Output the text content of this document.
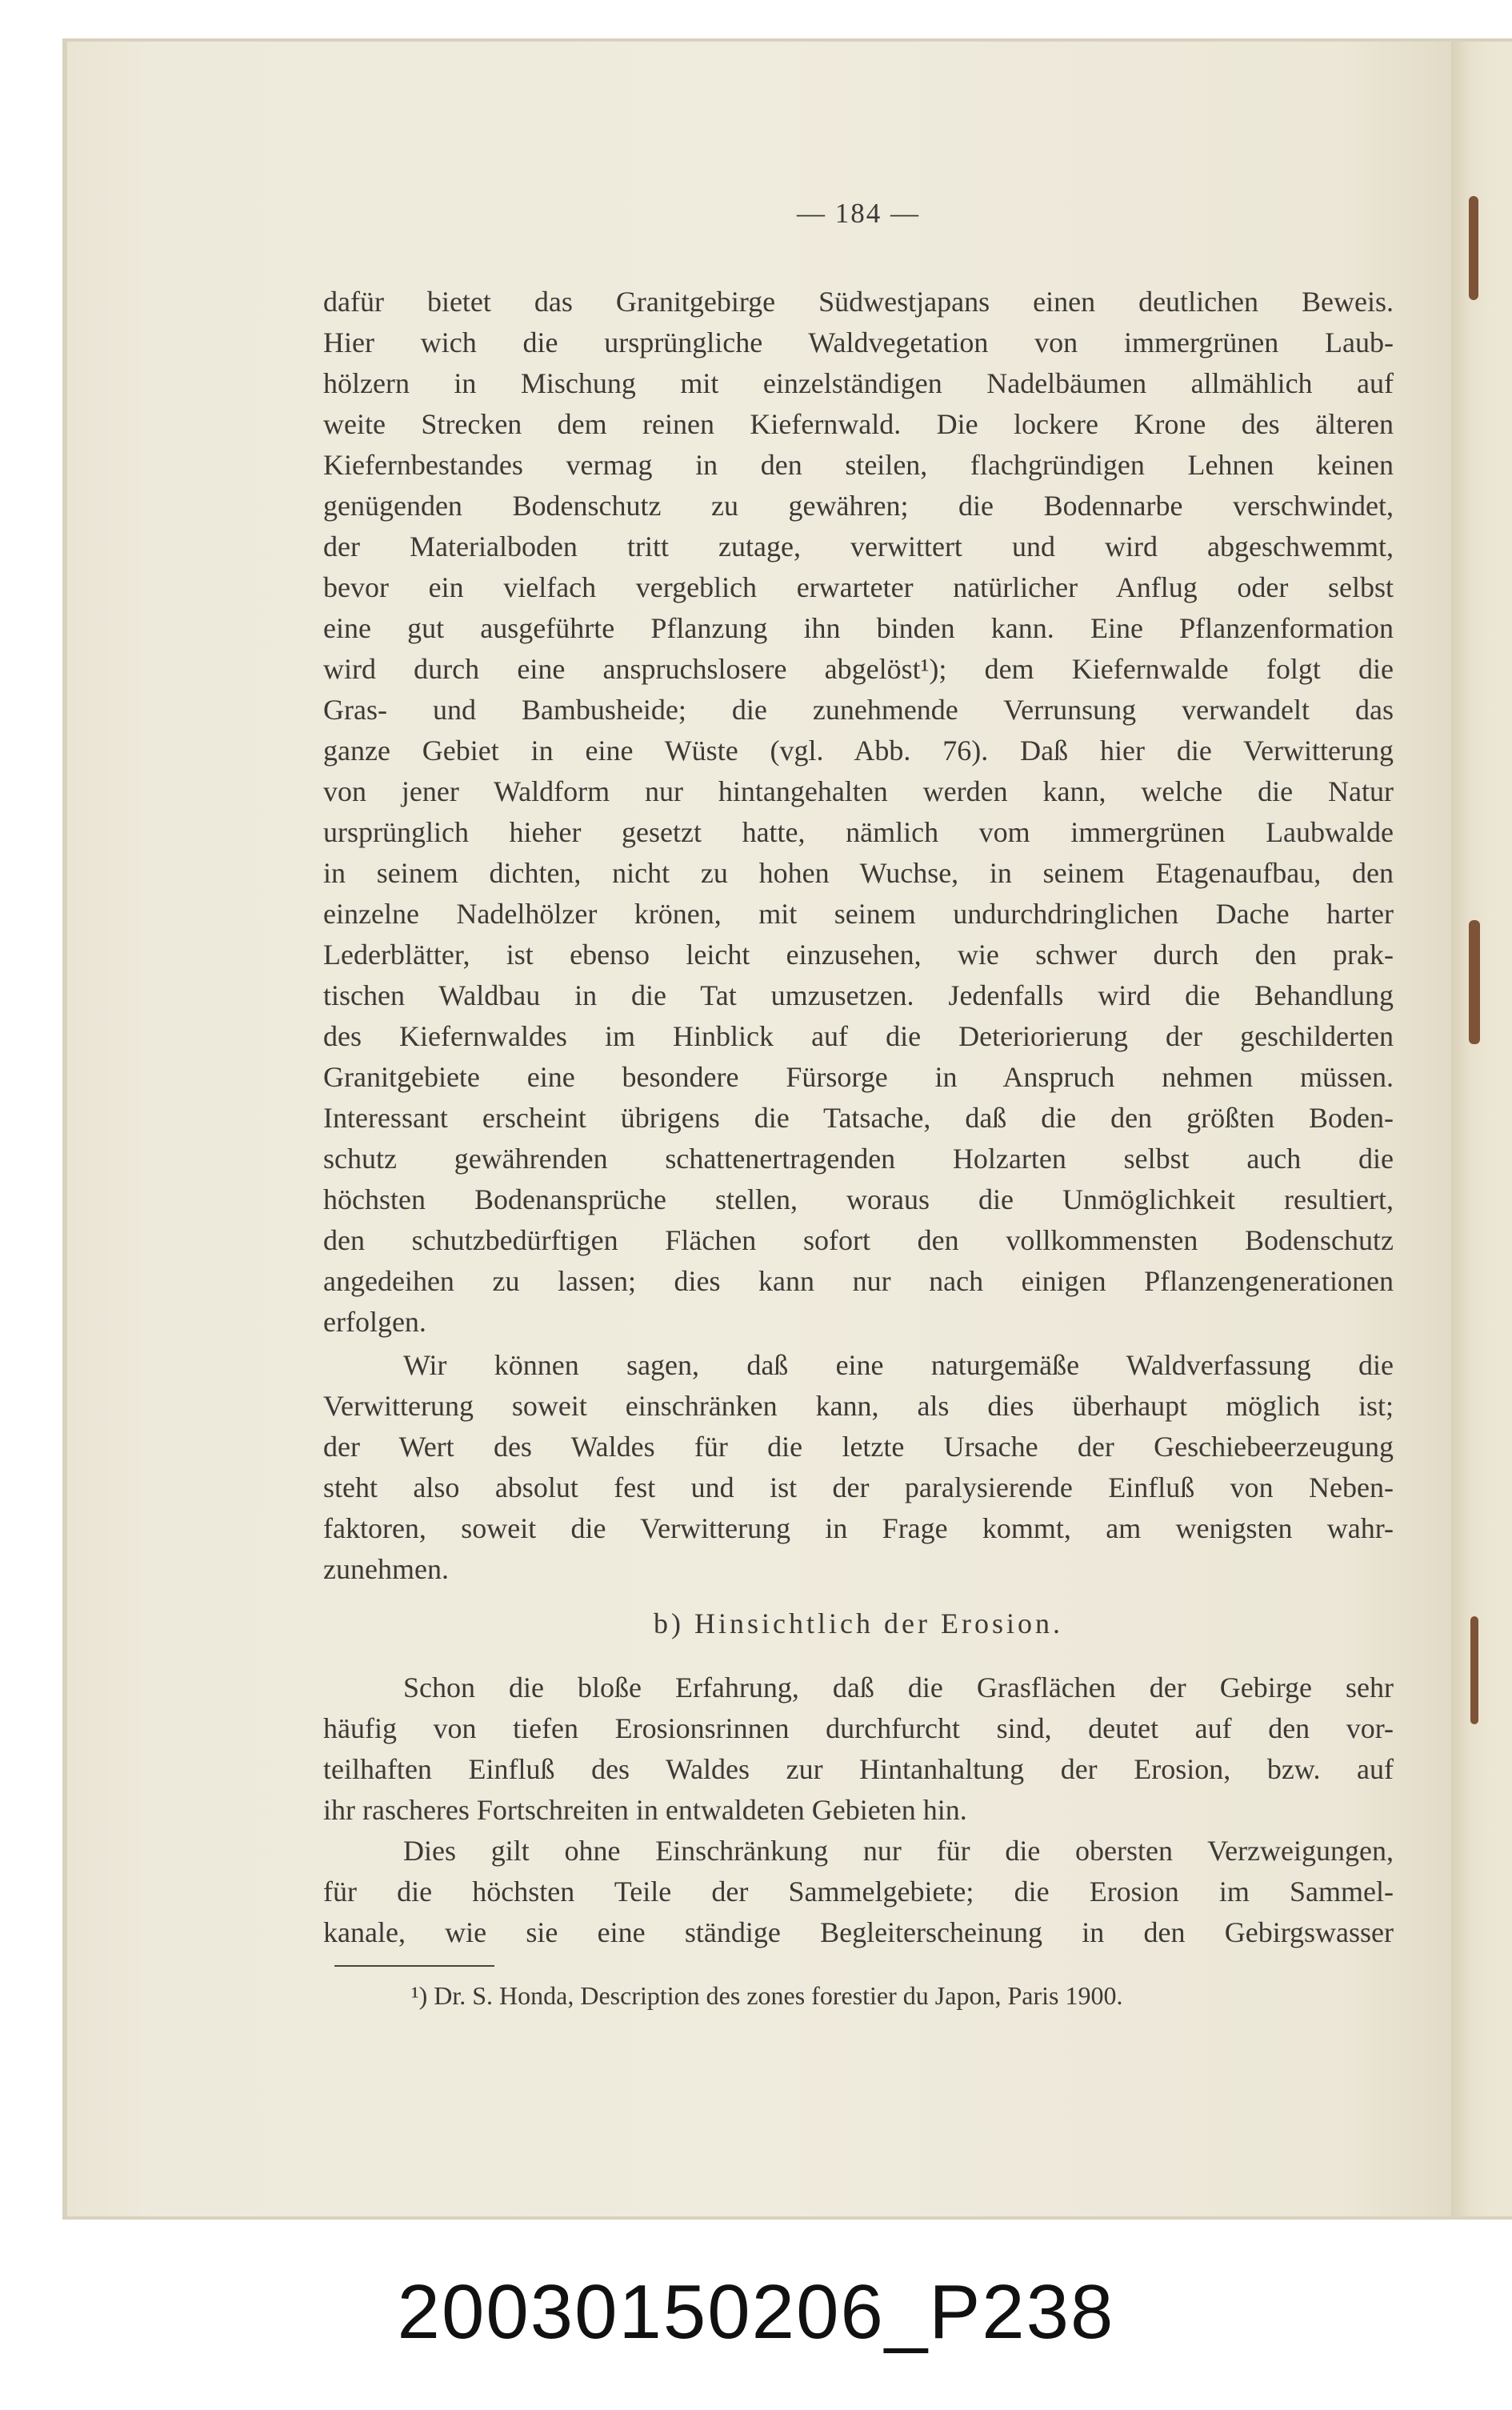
— 184 —
dafür bietet das Granitgebirge Südwestjapans einen deutlichen Beweis.
Hier wich die ursprüngliche Waldvegetation von immergrünen Laub-
hölzern in Mischung mit einzelständigen Nadelbäumen allmählich auf
weite Strecken dem reinen Kiefernwald. Die lockere Krone des älteren
Kiefernbestandes vermag in den steilen, flachgründigen Lehnen keinen
genügenden Bodenschutz zu gewähren; die Bodennarbe verschwindet,
der Materialboden tritt zutage, verwittert und wird abgeschwemmt,
bevor ein vielfach vergeblich erwarteter natürlicher Anflug oder selbst
eine gut ausgeführte Pflanzung ihn binden kann. Eine Pflanzenformation
wird durch eine anspruchslosere abgelöst¹); dem Kiefernwalde folgt die
Gras- und Bambusheide; die zunehmende Verrunsung verwandelt das
ganze Gebiet in eine Wüste (vgl. Abb. 76). Daß hier die Verwitterung
von jener Waldform nur hintangehalten werden kann, welche die Natur
ursprünglich hieher gesetzt hatte, nämlich vom immergrünen Laubwalde
in seinem dichten, nicht zu hohen Wuchse, in seinem Etagenaufbau, den
einzelne Nadelhölzer krönen, mit seinem undurchdringlichen Dache harter
Lederblätter, ist ebenso leicht einzusehen, wie schwer durch den prak-
tischen Waldbau in die Tat umzusetzen. Jedenfalls wird die Behandlung
des Kiefernwaldes im Hinblick auf die Deteriorierung der geschilderten
Granitgebiete eine besondere Fürsorge in Anspruch nehmen müssen.
Interessant erscheint übrigens die Tatsache, daß die den größten Boden-
schutz gewährenden schattenertragenden Holzarten selbst auch die
höchsten Bodenansprüche stellen, woraus die Unmöglichkeit resultiert,
den schutzbedürftigen Flächen sofort den vollkommensten Bodenschutz
angedeihen zu lassen; dies kann nur nach einigen Pflanzengenerationen
erfolgen.
Wir können sagen, daß eine naturgemäße Waldverfassung die
Verwitterung soweit einschränken kann, als dies überhaupt möglich ist;
der Wert des Waldes für die letzte Ursache der Geschiebeerzeugung
steht also absolut fest und ist der paralysierende Einfluß von Neben-
faktoren, soweit die Verwitterung in Frage kommt, am wenigsten wahr-
zunehmen.
b) Hinsichtlich der Erosion.
Schon die bloße Erfahrung, daß die Grasflächen der Gebirge sehr
häufig von tiefen Erosionsrinnen durchfurcht sind, deutet auf den vor-
teilhaften Einfluß des Waldes zur Hintanhaltung der Erosion, bzw. auf
ihr rascheres Fortschreiten in entwaldeten Gebieten hin.
Dies gilt ohne Einschränkung nur für die obersten Verzweigungen,
für die höchsten Teile der Sammelgebiete; die Erosion im Sammel-
kanale, wie sie eine ständige Begleiterscheinung in den Gebirgswasser
¹) Dr. S. Honda, Description des zones forestier du Japon, Paris 1900.
20030150206_P238
